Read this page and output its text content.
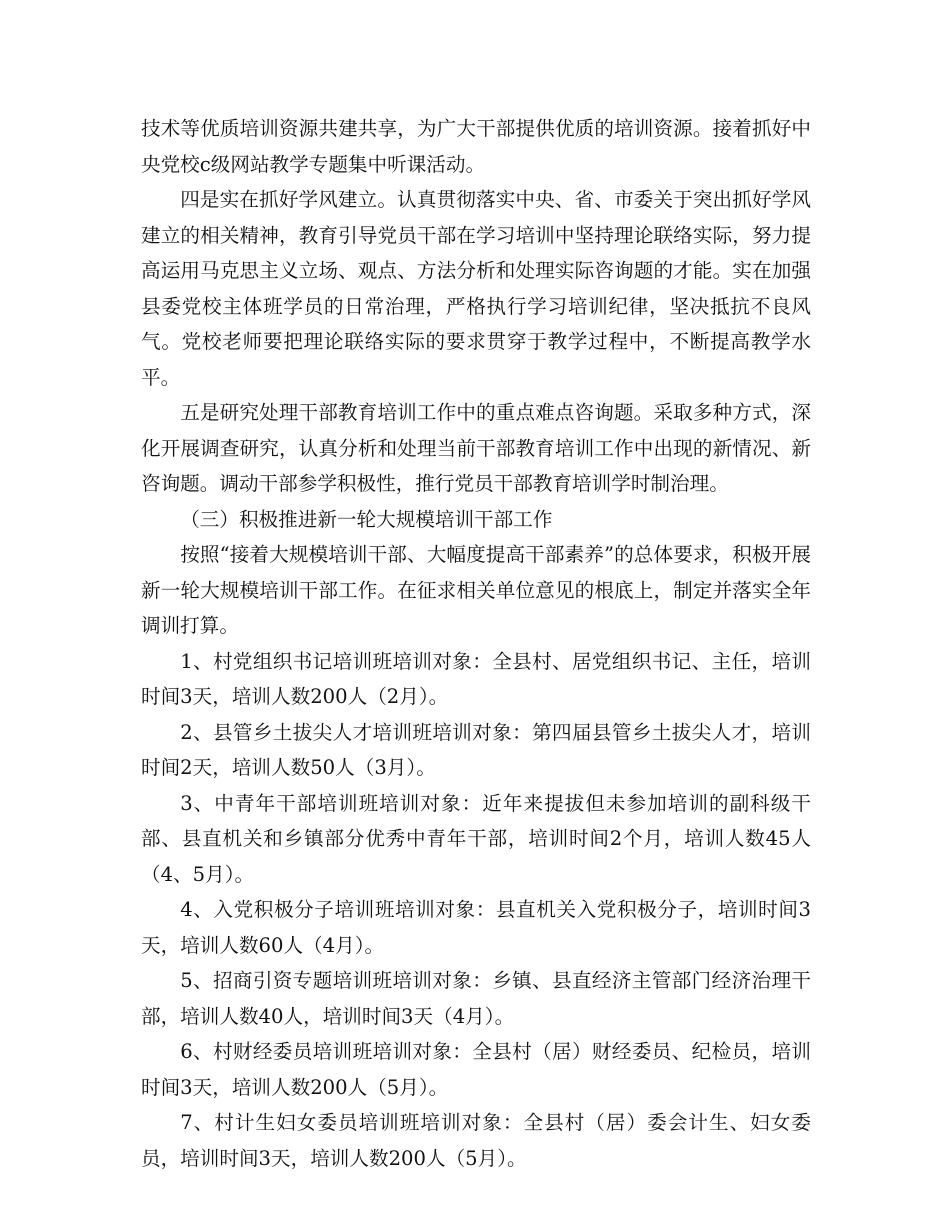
技术等优质培训资源共建共享，为广大干部提供优质的培训资源。接着抓好中央党校c级网站教学专题集中听课活动。

四是实在抓好学风建立。认真贯彻落实中央、省、市委关于突出抓好学风建立的相关精神，教育引导党员干部在学习培训中坚持理论联络实际，努力提高运用马克思主义立场、观点、方法分析和处理实际咨询题的才能。实在加强县委党校主体班学员的日常治理，严格执行学习培训纪律，坚决抵抗不良风气。党校老师要把理论联络实际的要求贯穿于教学过程中，不断提高教学水平。

五是研究处理干部教育培训工作中的重点难点咨询题。采取多种方式，深化开展调查研究，认真分析和处理当前干部教育培训工作中出现的新情况、新咨询题。调动干部参学积极性，推行党员干部教育培训学时制治理。

（三）积极推进新一轮大规模培训干部工作

按照“接着大规模培训干部、大幅度提高干部素养”的总体要求，积极开展新一轮大规模培训干部工作。在征求相关单位意见的根底上，制定并落实全年调训打算。

1、村党组织书记培训班培训对象：全县村、居党组织书记、主任，培训时间3天，培训人数200人（2月）。

2、县管乡土拔尖人才培训班培训对象：第四届县管乡土拔尖人才，培训时间2天，培训人数50人（3月）。

3、中青年干部培训班培训对象：近年来提拔但未参加培训的副科级干部、县直机关和乡镇部分优秀中青年干部，培训时间2个月，培训人数45人（4、5月）。

4、入党积极分子培训班培训对象：县直机关入党积极分子，培训时间3天，培训人数60人（4月）。

5、招商引资专题培训班培训对象：乡镇、县直经济主管部门经济治理干部，培训人数40人，培训时间3天（4月）。

6、村财经委员培训班培训对象：全县村（居）财经委员、纪检员，培训时间3天，培训人数200人（5月）。

7、村计生妇女委员培训班培训对象：全县村（居）委会计生、妇女委员，培训时间3天，培训人数200人（5月）。
